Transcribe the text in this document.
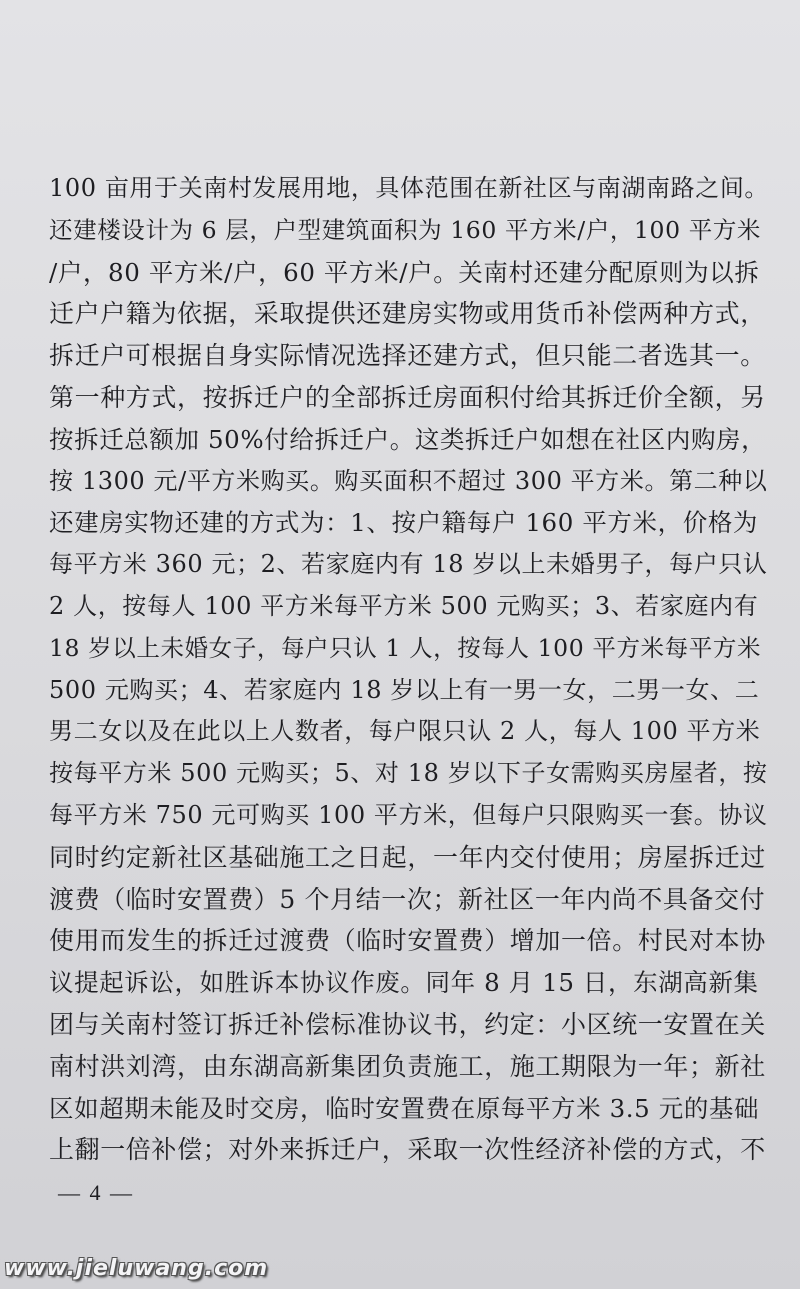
100 亩用于关南村发展用地，具体范围在新社区与南湖南路之间。
还建楼设计为 6 层，户型建筑面积为 160 平方米/户，100 平方米
/户，80 平方米/户，60 平方米/户。关南村还建分配原则为以拆
迁户户籍为依据，采取提供还建房实物或用货币补偿两种方式，
拆迁户可根据自身实际情况选择还建方式，但只能二者选其一。
第一种方式，按拆迁户的全部拆迁房面积付给其拆迁价全额，另
按拆迁总额加 50%付给拆迁户。这类拆迁户如想在社区内购房，
按 1300 元/平方米购买。购买面积不超过 300 平方米。第二种以
还建房实物还建的方式为：1、按户籍每户 160 平方米，价格为
每平方米 360 元；2、若家庭内有 18 岁以上未婚男子，每户只认
2 人，按每人 100 平方米每平方米 500 元购买；3、若家庭内有
18 岁以上未婚女子，每户只认 1 人，按每人 100 平方米每平方米
500 元购买；4、若家庭内 18 岁以上有一男一女，二男一女、二
男二女以及在此以上人数者，每户限只认 2 人，每人 100 平方米
按每平方米 500 元购买；5、对 18 岁以下子女需购买房屋者，按
每平方米 750 元可购买 100 平方米，但每户只限购买一套。协议
同时约定新社区基础施工之日起，一年内交付使用；房屋拆迁过
渡费（临时安置费）5 个月结一次；新社区一年内尚不具备交付
使用而发生的拆迁过渡费（临时安置费）增加一倍。村民对本协
议提起诉讼，如胜诉本协议作废。同年 8 月 15 日，东湖高新集
团与关南村签订拆迁补偿标准协议书，约定：小区统一安置在关
南村洪刘湾，由东湖高新集团负责施工，施工期限为一年；新社
区如超期未能及时交房，临时安置费在原每平方米 3.5 元的基础
上翻一倍补偿；对外来拆迁户，采取一次性经济补偿的方式，不
— 4 —
www.jieluwang.com
